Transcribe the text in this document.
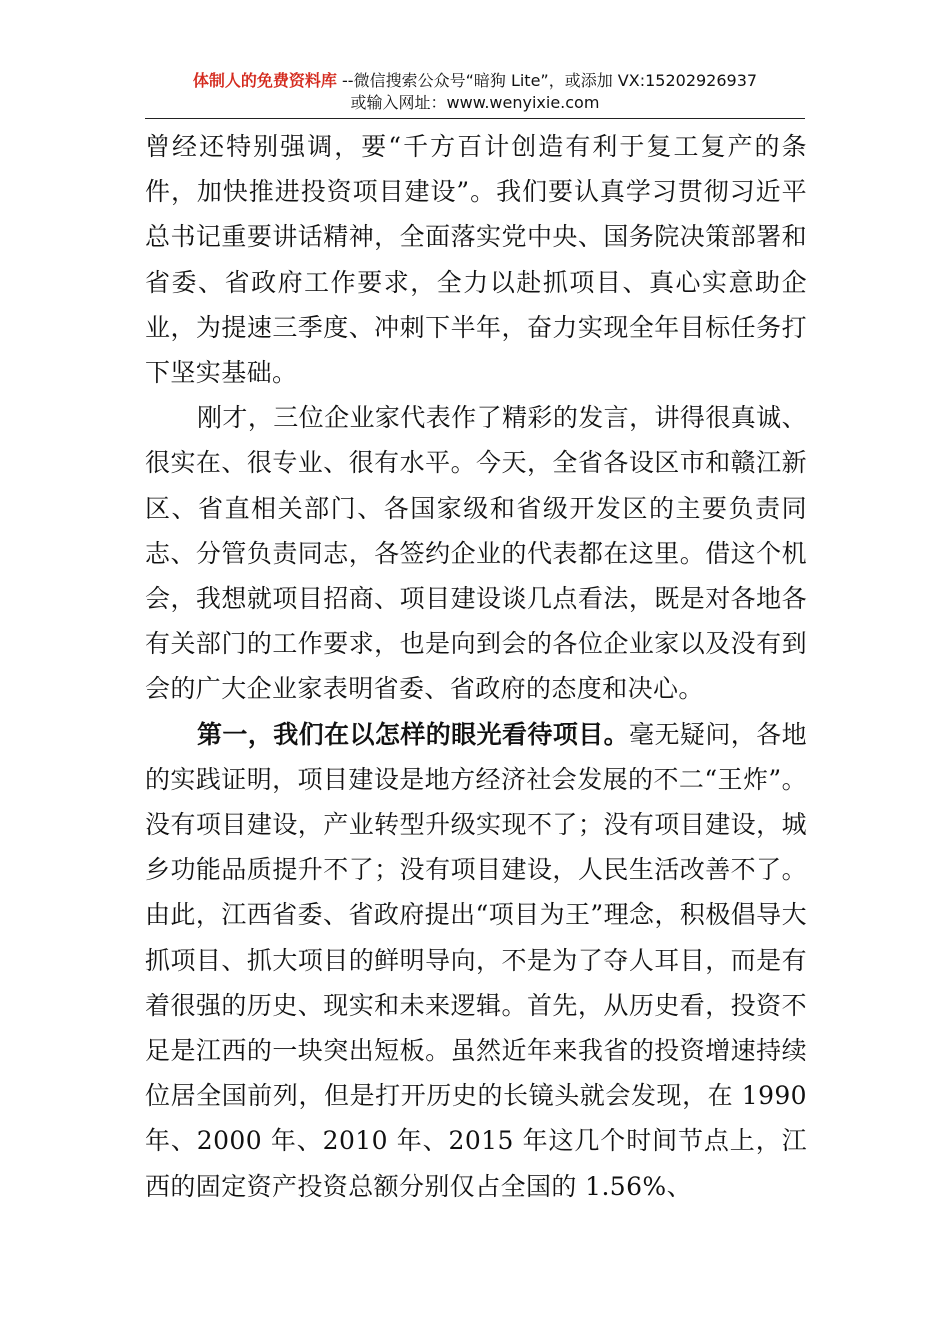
体制人的免费资料库 --微信搜索公众号“暗狗 Lite”，或添加 VX:15202926937
或输入网址：www.wenyixie.com

曾经还特别强调，要“千方百计创造有利于复工复产的条件，加快推进投资项目建设”。我们要认真学习贯彻习近平总书记重要讲话精神，全面落实党中央、国务院决策部署和省委、省政府工作要求，全力以赴抓项目、真心实意助企业，为提速三季度、冲刺下半年，奋力实现全年目标任务打下坚实基础。

刚才，三位企业家代表作了精彩的发言，讲得很真诚、很实在、很专业、很有水平。今天，全省各设区市和赣江新区、省直相关部门、各国家级和省级开发区的主要负责同志、分管负责同志，各签约企业的代表都在这里。借这个机会，我想就项目招商、项目建设谈几点看法，既是对各地各有关部门的工作要求，也是向到会的各位企业家以及没有到会的广大企业家表明省委、省政府的态度和决心。

第一，我们在以怎样的眼光看待项目。毫无疑问，各地的实践证明，项目建设是地方经济社会发展的不二“王炸”。没有项目建设，产业转型升级实现不了；没有项目建设，城乡功能品质提升不了；没有项目建设，人民生活改善不了。由此，江西省委、省政府提出“项目为王”理念，积极倡导大抓项目、抓大项目的鲜明导向，不是为了夺人耳目，而是有着很强的历史、现实和未来逻辑。首先，从历史看，投资不足是江西的一块突出短板。虽然近年来我省的投资增速持续位居全国前列，但是打开历史的长镜头就会发现，在 1990 年、2000 年、2010 年、2015 年这几个时间节点上，江西的固定资产投资总额分别仅占全国的 1.56%、
